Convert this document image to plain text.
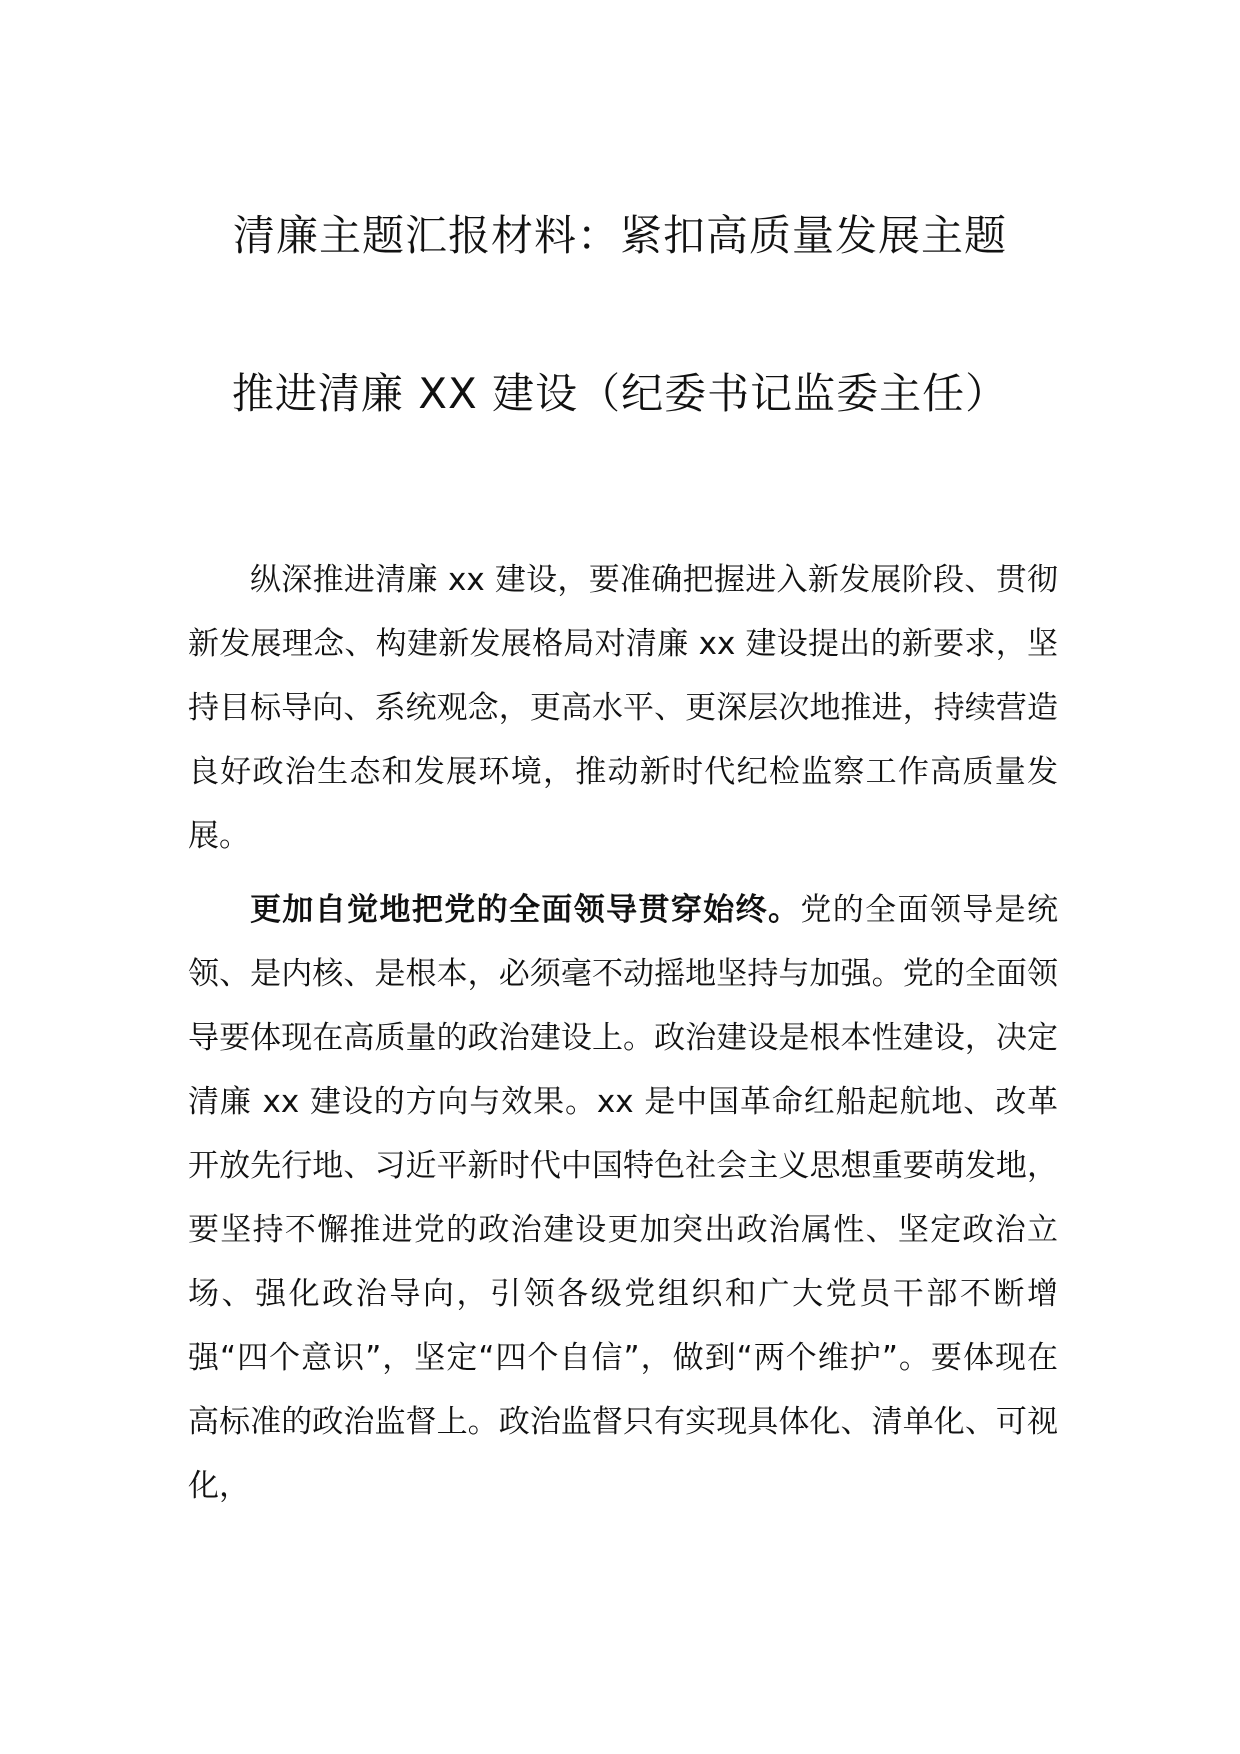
清廉主题汇报材料：紧扣高质量发展主题
推进清廉 XX 建设（纪委书记监委主任）

纵深推进清廉 xx 建设，要准确把握进入新发展阶段、贯彻新发展理念、构建新发展格局对清廉 xx 建设提出的新要求，坚持目标导向、系统观念，更高水平、更深层次地推进，持续营造良好政治生态和发展环境，推动新时代纪检监察工作高质量发展。

更加自觉地把党的全面领导贯穿始终。党的全面领导是统领、是内核、是根本，必须毫不动摇地坚持与加强。党的全面领导要体现在高质量的政治建设上。政治建设是根本性建设，决定清廉 xx 建设的方向与效果。xx 是中国革命红船起航地、改革开放先行地、习近平新时代中国特色社会主义思想重要萌发地，要坚持不懈推进党的政治建设更加突出政治属性、坚定政治立场、强化政治导向，引领各级党组织和广大党员干部不断增强“四个意识”，坚定“四个自信”，做到“两个维护”。要体现在高标准的政治监督上。政治监督只有实现具体化、清单化、可视化，
